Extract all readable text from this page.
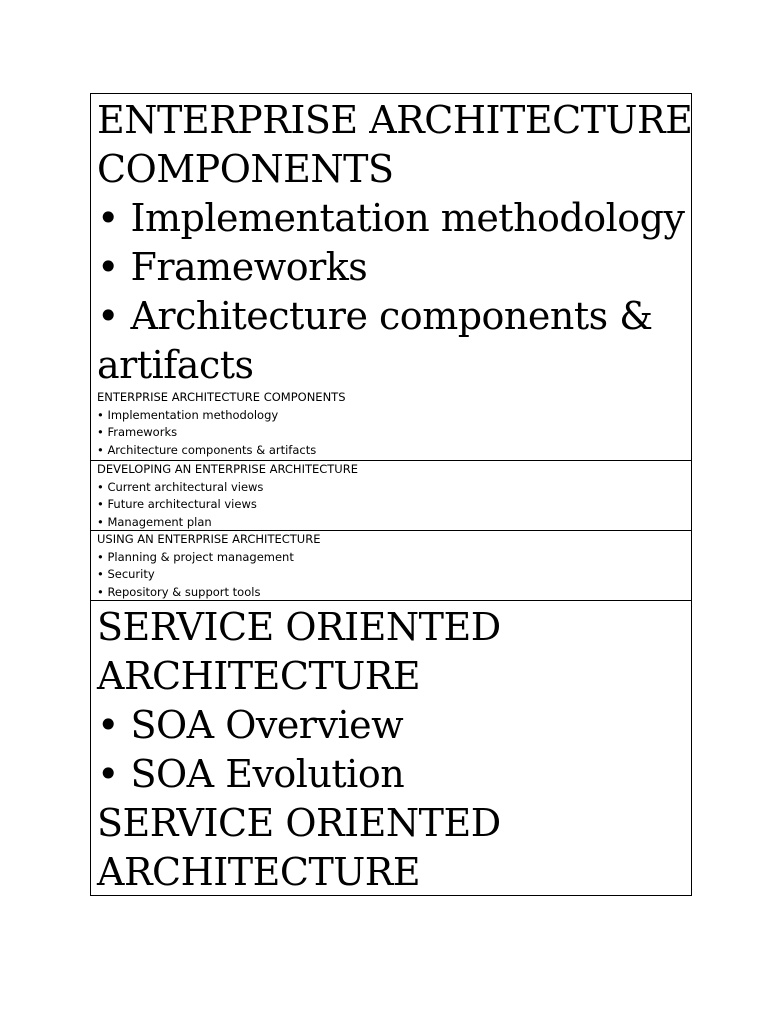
ENTERPRISE ARCHITECTURE
COMPONENTS
• Implementation methodology
• Frameworks
• Architecture components &
artifacts
ENTERPRISE ARCHITECTURE COMPONENTS
• Implementation methodology
• Frameworks
• Architecture components & artifacts
DEVELOPING AN ENTERPRISE ARCHITECTURE
• Current architectural views
• Future architectural views
• Management plan
USING AN ENTERPRISE ARCHITECTURE
• Planning & project management
• Security
• Repository & support tools
SERVICE ORIENTED
ARCHITECTURE
• SOA Overview
• SOA Evolution
SERVICE ORIENTED
ARCHITECTURE
